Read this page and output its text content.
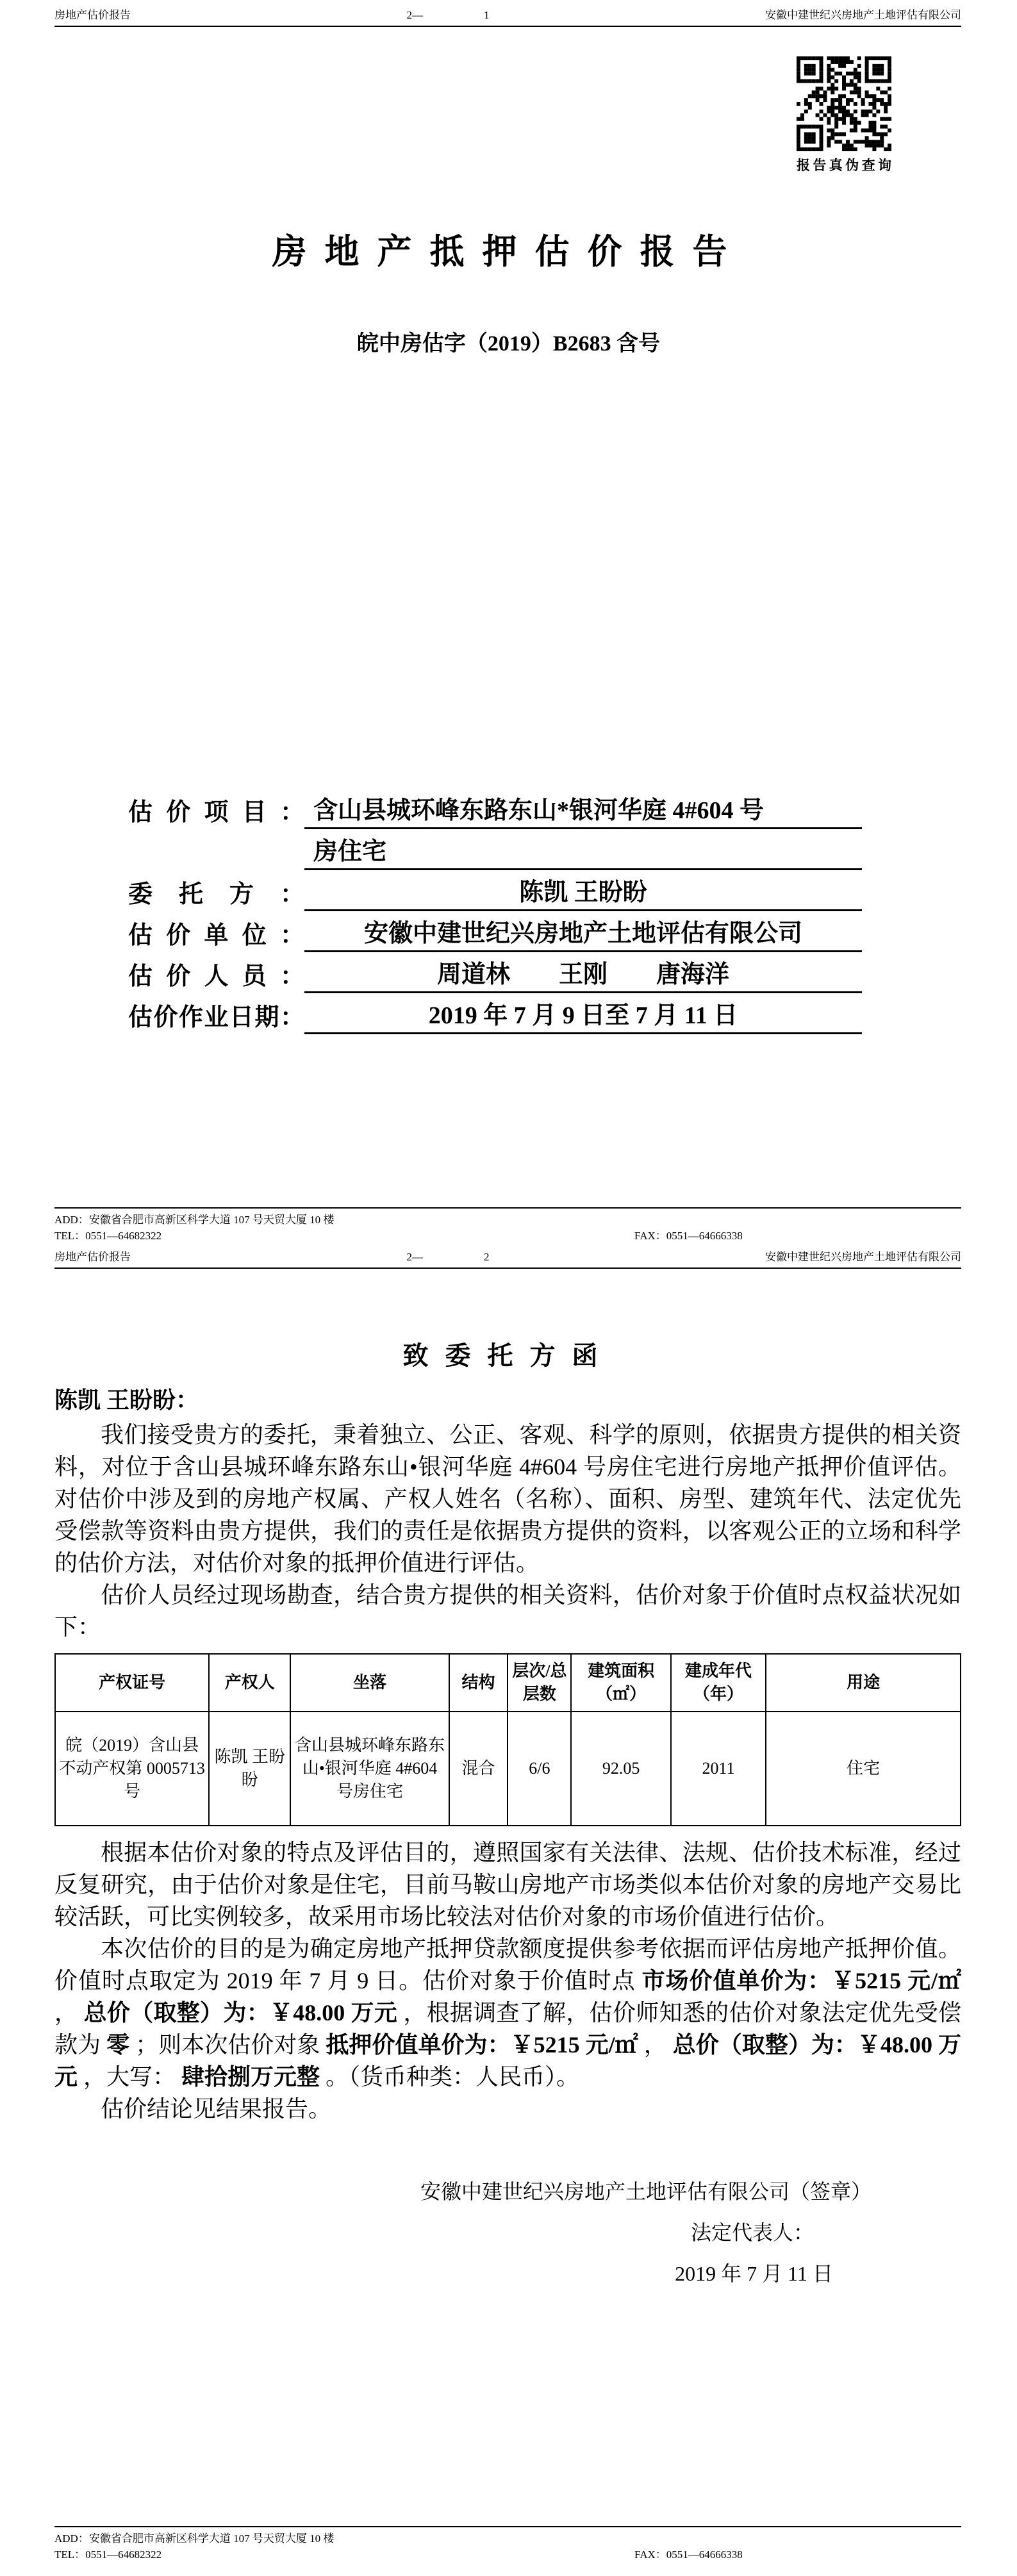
房地产估价报告	2—	1	安徽中建世纪兴房地产土地评估有限公司
报告真伪查询
房地产抵押估价报告
皖中房估字（2019）B2683 含号
估价项目： 含山县城环峰东路东山*银河华庭 4#604 号
房住宅
委托方：	陈凯 王盼盼
估价单位：	安徽中建世纪兴房地产土地评估有限公司
估价人员：	周道林　　王刚　　唐海洋
估价作业日期：	2019 年 7 月 9 日至 7 月 11 日
ADD：安徽省合肥市高新区科学大道 107 号天贸大厦 10 楼
TEL：0551—64682322	FAX：0551—64666338
房地产估价报告	2—	2	安徽中建世纪兴房地产土地评估有限公司
致委托方函

陈凯 王盼盼：

我们接受贵方的委托，秉着独立、公正、客观、科学的原则，依据贵方提供的相关资料，对位于含山县城环峰东路东山•银河华庭 4#604 号房住宅进行房地产抵押价值评估。对估价中涉及到的房地产权属、产权人姓名（名称）、面积、房型、建筑年代、法定优先受偿款等资料由贵方提供，我们的责任是依据贵方提供的资料，以客观公正的立场和科学的估价方法，对估价对象的抵押价值进行评估。

估价人员经过现场勘查，结合贵方提供的相关资料，估价对象于价值时点权益状况如下：

产权证号	产权人	坐落	结构	层次/总层数	建筑面积（㎡）	建成年代（年）	用途
皖（2019）含山县不动产权第 0005713 号	陈凯 王盼盼	含山县城环峰东路东山•银河华庭 4#604 号房住宅	混合	6/6	92.05	2011	住宅

根据本估价对象的特点及评估目的，遵照国家有关法律、法规、估价技术标准，经过反复研究，由于估价对象是住宅，目前马鞍山房地产市场类似本估价对象的房地产交易比较活跃，可比实例较多，故采用市场比较法对估价对象的市场价值进行估价。

本次估价的目的是为确定房地产抵押贷款额度提供参考依据而评估房地产抵押价值。价值时点取定为 2019 年 7 月 9 日。估价对象于价值时点 市场价值单价为：￥5215 元/㎡ ， 总价（取整）为：￥48.00 万元 ，根据调查了解，估价师知悉的估价对象法定优先受偿款为 零 ；则本次估价对象 抵押价值单价为：￥5215 元/㎡ ， 总价（取整）为：￥48.00 万元 ，大写： 肆拾捌万元整 。（货币种类：人民币）。

估价结论见结果报告。

安徽中建世纪兴房地产土地评估有限公司（签章）
法定代表人：
2019 年 7 月 11 日
ADD：安徽省合肥市高新区科学大道 107 号天贸大厦 10 楼
TEL：0551—64682322	FAX：0551—64666338
